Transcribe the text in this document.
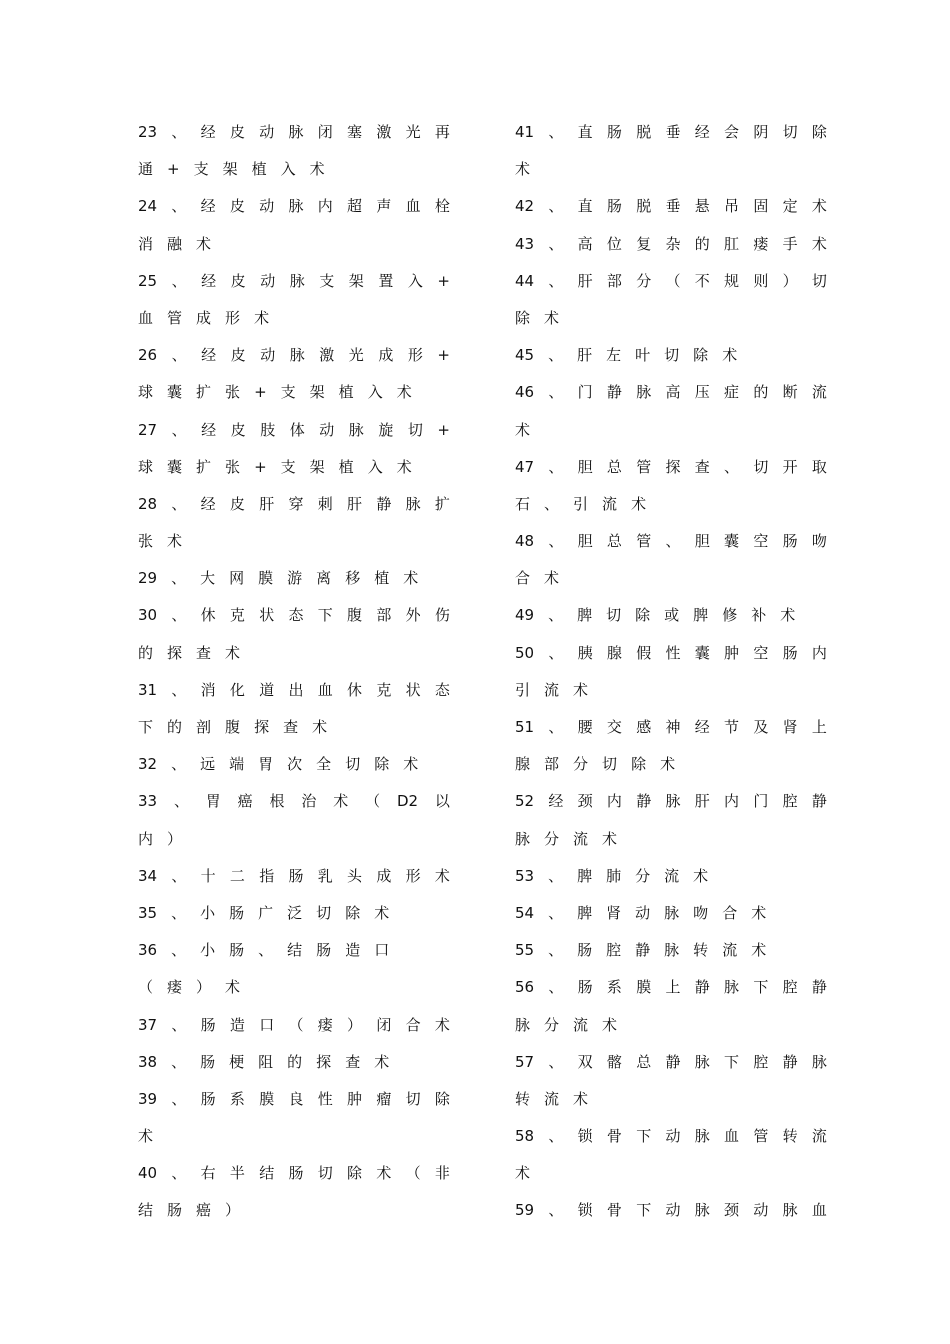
23 、 经 皮 动 脉 闭 塞 激 光 再
通 + 支 架 植 入 术
24 、 经 皮 动 脉 内 超 声 血 栓
消 融 术
25 、 经 皮 动 脉 支 架 置 入 +
血 管 成 形 术
26 、 经 皮 动 脉 激 光 成 形 +
球 囊 扩 张 + 支 架 植 入 术
27 、 经 皮 肢 体 动 脉 旋 切 +
球 囊 扩 张 + 支 架 植 入 术
28 、 经 皮 肝 穿 刺 肝 静 脉 扩
张 术
29 、 大 网 膜 游 离 移 植 术
30 、 休 克 状 态 下 腹 部 外 伤
的 探 查 术
31 、 消 化 道 出 血 休 克 状 态
下 的 剖 腹 探 查 术
32 、 远 端 胃 次 全 切 除 术
33 、 胃 癌 根 治 术 （ D2 以
内 ）
34 、 十 二 指 肠 乳 头 成 形 术
35 、 小 肠 广 泛 切 除 术
36 、 小 肠 、 结 肠 造 口
（ 瘘 ） 术
37 、 肠 造 口 （ 瘘 ） 闭 合 术
38 、 肠 梗 阻 的 探 查 术
39 、 肠 系 膜 良 性 肿 瘤 切 除
术
40 、 右 半 结 肠 切 除 术 （ 非
结 肠 癌 ）
41 、 直 肠 脱 垂 经 会 阴 切 除
术
42 、 直 肠 脱 垂 悬 吊 固 定 术
43 、 高 位 复 杂 的 肛 瘘 手 术
44 、 肝 部 分 （ 不 规 则 ） 切
除 术
45 、 肝 左 叶 切 除 术
46 、 门 静 脉 高 压 症 的 断 流
术
47 、 胆 总 管 探 查 、 切 开 取
石 、 引 流 术
48 、 胆 总 管 、 胆 囊 空 肠 吻
合 术
49 、 脾 切 除 或 脾 修 补 术
50 、 胰 腺 假 性 囊 肿 空 肠 内
引 流 术
51 、 腰 交 感 神 经 节 及 肾 上
腺 部 分 切 除 术
52 经 颈 内 静 脉 肝 内 门 腔 静
脉 分 流 术
53 、 脾 肺 分 流 术
54 、 脾 肾 动 脉 吻 合 术
55 、 肠 腔 静 脉 转 流 术
56 、 肠 系 膜 上 静 脉 下 腔 静
脉 分 流 术
57 、 双 髂 总 静 脉 下 腔 静 脉
转 流 术
58 、 锁 骨 下 动 脉 血 管 转 流
术
59 、 锁 骨 下 动 脉 颈 动 脉 血
